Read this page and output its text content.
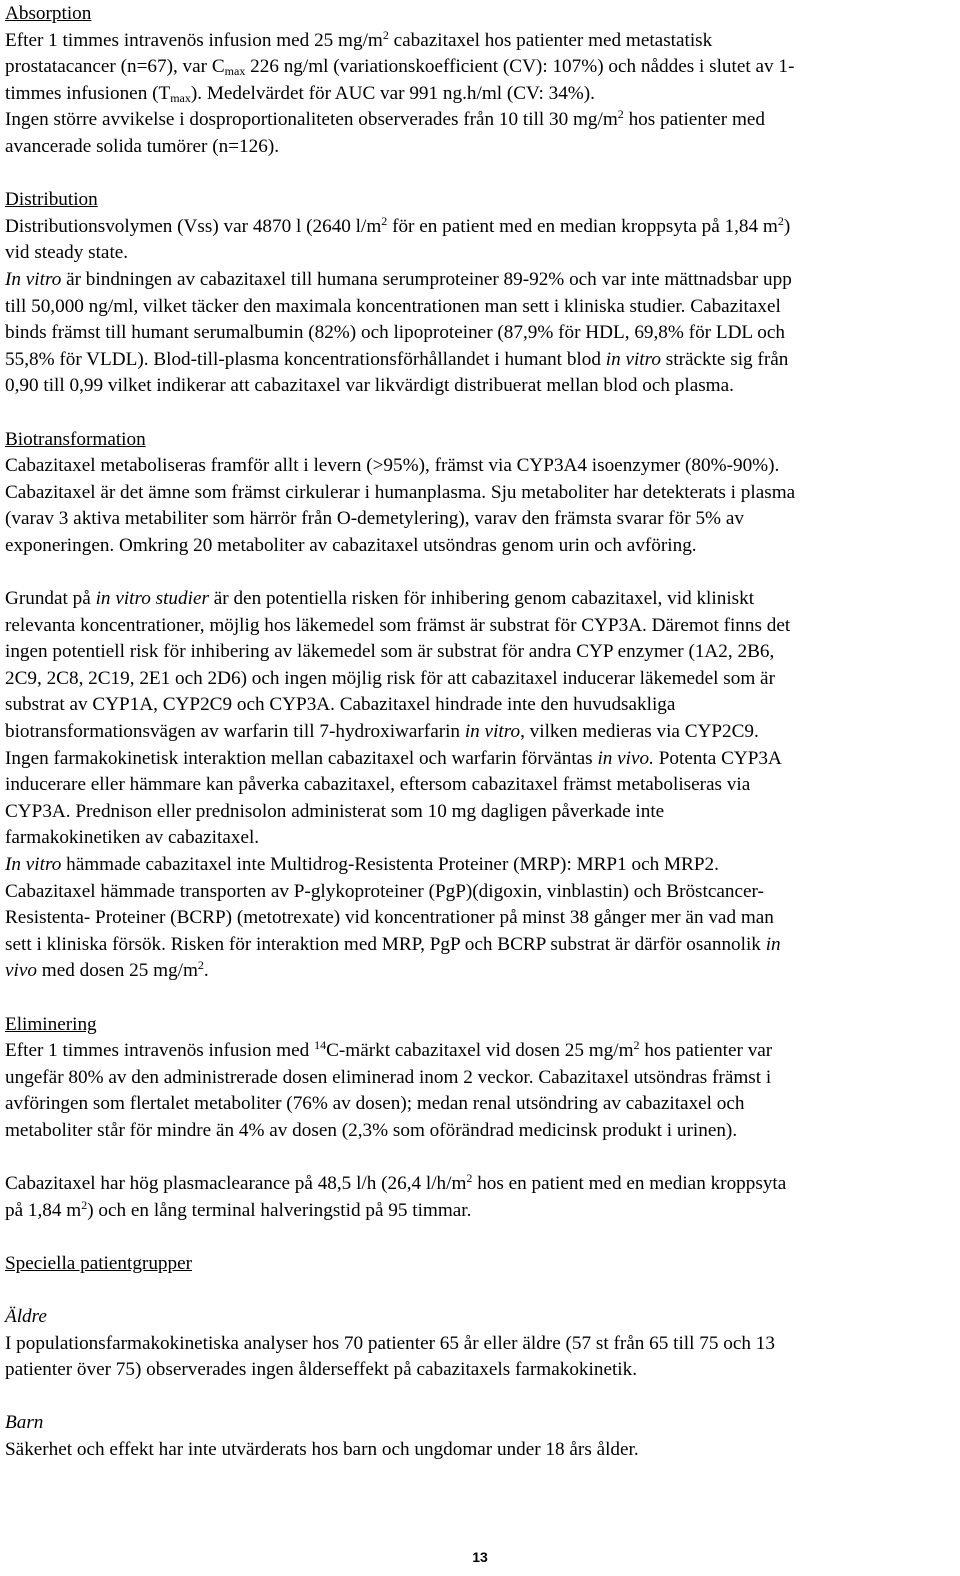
Absorption
Efter 1 timmes intravenös infusion med 25 $mg/m^2$ cabazitaxel hos patienter med metastatisk
prostatacancer (n=67), var $C_{max}$ 226 ng/ml (variationskoefficient (CV): 107%) och nåddes i slutet av 1-
timmes infusionen $(T_{max})$. Medelvärdet för AUC var 991 ng.h/ml (CV: 34%).
Ingen större avvikelse i dosproportionaliteten observerades från 10 till 30 $mg/m^2$ hos patienter med
avancerade solida tumörer (n=126).
Distribution
Distributionsvolymen (Vss) var 4870 l (2640 $l/m^2$ för en patient med en median kroppsyta på 1,84 $m^2$)
vid steady state.
In vitro är bindningen av cabazitaxel till humana serumproteiner 89-92% och var inte mättnadsbar upp
till 50,000 ng/ml, vilket täcker den maximala koncentrationen man sett i kliniska studier. Cabazitaxel
binds främst till humant serumalbumin (82%) och lipoproteiner (87,9% för HDL, 69,8% för LDL och
55,8% för VLDL). Blod-till-plasma koncentrationsförhållandet i humant blod in vitro sträckte sig från
0,90 till 0,99 vilket indikerar att cabazitaxel var likvärdigt distribuerat mellan blod och plasma.
Biotransformation
Cabazitaxel metaboliseras framför allt i levern (>95%), främst via CYP3A4 isoenzymer (80%-90%).
Cabazitaxel är det ämne som främst cirkulerar i humanplasma. Sju metaboliter har detekterats i plasma
(varav 3 aktiva metabiliter som härrör från O-demetylering), varav den främsta svarar för 5% av
exponeringen. Omkring 20 metaboliter av cabazitaxel utsöndras genom urin och avföring.
Grundat på in vitro studier är den potentiella risken för inhibering genom cabazitaxel, vid kliniskt
relevanta koncentrationer, möjlig hos läkemedel som främst är substrat för CYP3A. Däremot finns det
ingen potentiell risk för inhibering av läkemedel som är substrat för andra CYP enzymer (1A2, 2B6,
2C9, 2C8, 2C19, 2E1 och 2D6) och ingen möjlig risk för att cabazitaxel inducerar läkemedel som är
substrat av CYP1A, CYP2C9 och CYP3A. Cabazitaxel hindrade inte den huvudsakliga
biotransformationsvägen av warfarin till 7-hydroxiwarfarin in vitro, vilken medieras via CYP2C9.
Ingen farmakokinetisk interaktion mellan cabazitaxel och warfarin förväntas in vivo. Potenta CYP3A
inducerare eller hämmare kan påverka cabazitaxel, eftersom cabazitaxel främst metaboliseras via
CYP3A. Prednison eller prednisolon administerat som 10 mg dagligen påverkade inte
farmakokinetiken av cabazitaxel.
In vitro hämmade cabazitaxel inte Multidrog-Resistenta Proteiner (MRP): MRP1 och MRP2.
Cabazitaxel hämmade transporten av P-glykoproteiner (PgP)(digoxin, vinblastin) och Bröstcancer-
Resistenta- Proteiner (BCRP) (metotrexate) vid koncentrationer på minst 38 gånger mer än vad man
sett i kliniska försök. Risken för interaktion med MRP, PgP och BCRP substrat är därför osannolik in
vivo med dosen 25 $mg/m^2$.
Eliminering
Efter 1 timmes intravenös infusion med $^{14}$C-märkt cabazitaxel vid dosen 25 $mg/m^2$ hos patienter var
ungefär 80% av den administrerade dosen eliminerad inom 2 veckor. Cabazitaxel utsöndras främst i
avföringen som flertalet metaboliter (76% av dosen); medan renal utsöndring av cabazitaxel och
metaboliter står för mindre än 4% av dosen (2,3% som oförändrad medicinsk produkt i urinen).
Cabazitaxel har hög plasmaclearance på 48,5 l/h (26,4 $l/h/m^2$ hos en patient med en median kroppsyta
på 1,84 $m^2$) och en lång terminal halveringstid på 95 timmar.
Speciella patientgrupper
Äldre
I populationsfarmakokinetiska analyser hos 70 patienter 65 år eller äldre (57 st från 65 till 75 och 13
patienter över 75) observerades ingen ålderseffekt på cabazitaxels farmakokinetik.
Barn
Säkerhet och effekt har inte utvärderats hos barn och ungdomar under 18 års ålder.
13
